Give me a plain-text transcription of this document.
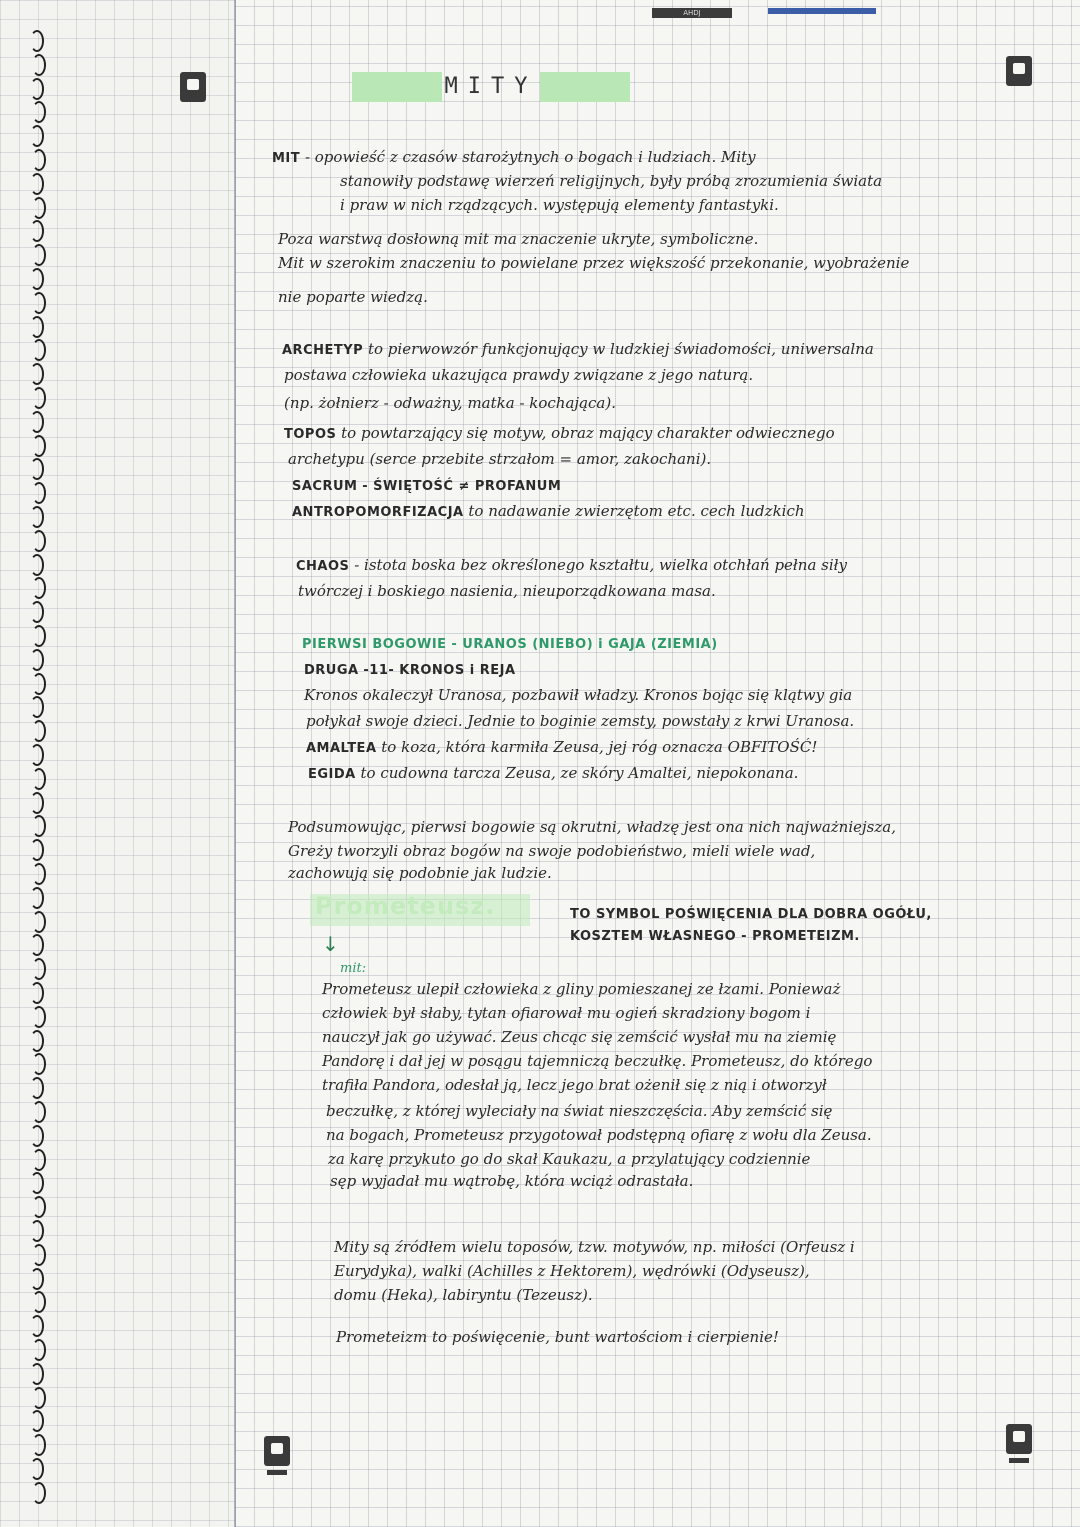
AHDJ
MITY
MIT - opowieść z czasów starożytnych o bogach i ludziach. Mity
stanowiły podstawę wierzeń religijnych, były próbą zrozumienia świata
i praw w nich rządzących. występują elementy fantastyki.
Poza warstwą dosłowną mit ma znaczenie ukryte, symboliczne.
Mit w szerokim znaczeniu to powielane przez większość przekonanie, wyobrażenie
nie poparte wiedzą.
ARCHETYP to pierwowzór funkcjonujący w ludzkiej świadomości, uniwersalna
postawa człowieka ukazująca prawdy związane z jego naturą.
(np. żołnierz - odważny, matka - kochająca).
TOPOS to powtarzający się motyw, obraz mający charakter odwiecznego
archetypu (serce przebite strzałom = amor, zakochani).
SACRUM - ŚWIĘTOŚĆ ≠ PROFANUM
ANTROPOMORFIZACJA to nadawanie zwierzętom etc. cech ludzkich
CHAOS - istota boska bez określonego kształtu, wielka otchłań pełna siły
twórczej i boskiego nasienia, nieuporządkowana masa.
PIERWSI BOGOWIE - URANOS (NIEBO) i GAJA (ZIEMIA)
DRUGA -11- KRONOS i REJA
Kronos okaleczył Uranosa, pozbawił władzy. Kronos bojąc się klątwy gia
połykał swoje dzieci. Jednie to boginie zemsty, powstały z krwi Uranosa.
AMALTEA to koza, która karmiła Zeusa, jej róg oznacza OBFITOŚĆ!
EGIDA to cudowna tarcza Zeusa, ze skóry Amaltei, niepokonana.
Podsumowując, pierwsi bogowie są okrutni, władzę jest ona nich najważniejsza,
Greży tworzyli obraz bogów na swoje podobieństwo, mieli wiele wad,
zachowują się podobnie jak ludzie.
Prometeusz.	TO SYMBOL POŚWIĘCENIA DLA DOBRA OGÓŁU,
KOSZTEM WŁASNEGO - PROMETEIZM.
↓
mit:
Prometeusz ulepił człowieka z gliny pomieszanej ze łzami. Ponieważ
człowiek był słaby, tytan ofiarował mu ogień skradziony bogom i
nauczył jak go używać. Zeus chcąc się zemścić wysłał mu na ziemię
Pandorę i dał jej w posągu tajemniczą beczułkę. Prometeusz, do którego
trafiła Pandora, odesłał ją, lecz jego brat ożenił się z nią i otworzył
beczułkę, z której wyleciały na świat nieszczęścia. Aby zemścić się
na bogach, Prometeusz przygotował podstępną ofiarę z wołu dla Zeusa.
za karę przykuto go do skał Kaukazu, a przylatujący codziennie
sęp wyjadał mu wątrobę, która wciąż odrastała.
Mity są źródłem wielu toposów, tzw. motywów, np. miłości (Orfeusz i
Eurydyka), walki (Achilles z Hektorem), wędrówki (Odyseusz),
domu (Heka), labiryntu (Tezeusz).
Prometeizm to poświęcenie, bunt wartościom i cierpienie!
